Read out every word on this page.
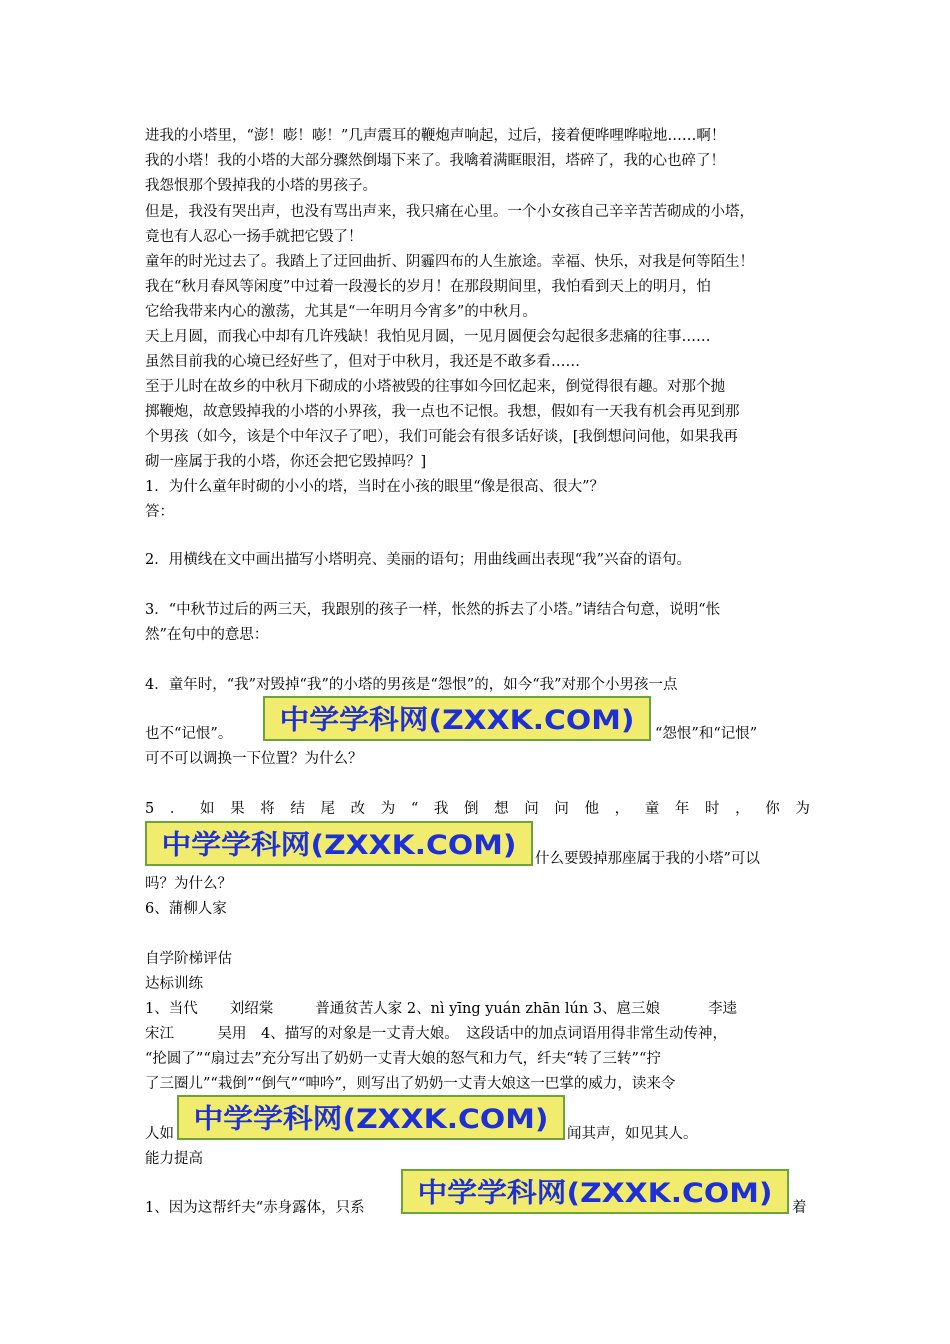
进我的小塔里，“澎！嘭！嘭！”几声震耳的鞭炮声响起，过后，接着便哗哩哗啦地……啊！
我的小塔！我的小塔的大部分骤然倒塌下来了。我噙着满眶眼泪，塔碎了，我的心也碎了！
我怨恨那个毁掉我的小塔的男孩子。
但是，我没有哭出声，也没有骂出声来，我只痛在心里。一个小女孩自己辛辛苦苦砌成的小塔，
竟也有人忍心一扬手就把它毁了！
童年的时光过去了。我踏上了迂回曲折、阴霾四布的人生旅途。幸福、快乐，对我是何等陌生！
我在“秋月春风等闲度”中过着一段漫长的岁月！在那段期间里，我怕看到天上的明月，怕
它给我带来内心的激荡，尤其是“一年明月今宵多”的中秋月。
天上月圆，而我心中却有几许残缺！我怕见月圆，一见月圆便会勾起很多悲痛的往事……
虽然目前我的心境已经好些了，但对于中秋月，我还是不敢多看……
至于儿时在故乡的中秋月下砌成的小塔被毁的往事如今回忆起来，倒觉得很有趣。对那个抛
掷鞭炮，故意毁掉我的小塔的小界孩，我一点也不记恨。我想，假如有一天我有机会再见到那
个男孩（如今，该是个中年汉子了吧），我们可能会有很多话好谈，[我倒想问问他，如果我再
砌一座属于我的小塔，你还会把它毁掉吗？]
1．为什么童年时砌的小小的塔，当时在小孩的眼里“像是很高、很大”？
答：
2．用横线在文中画出描写小塔明亮、美丽的语句；用曲线画出表现“我”兴奋的语句。
3．“中秋节过后的两三天，我跟别的孩子一样，怅然的拆去了小塔。”请结合句意，说明“怅
然”在句中的意思：
4．童年时，“我”对毁掉“我”的小塔的男孩是“怨恨”的，如今“我”对那个小男孩一点
也不“记恨”。 中学学科网(ZXXK.COM) “怨恨”和“记恨”
可不可以调换一下位置？为什么？
5 ． 如 果 将 结 尾 改 为 “ 我 倒 想 问 问 他 ， 童 年 时 ， 你 为
中学学科网(ZXXK.COM) 什么要毁掉那座属于我的小塔”可以
吗？为什么？
6、蒲柳人家
自学阶梯评估
达标训练
1、当代 刘绍棠	普通贫苦人家 2、nì yīng yuán zhān lún 3、扈三娘	李逵
宋江　　　吴用　4、描写的对象是一丈青大娘。　这段话中的加点词语用得非常生动传神，
“抡圆了”“扇过去”充分写出了奶奶一丈青大娘的怒气和力气，纤夫“转了三转”“拧
了三圈儿”“栽倒”“倒气”“呻吟”，则写出了奶奶一丈青大娘这一巴掌的威力，读来令
人如 中学学科网(ZXXK.COM) 闻其声，如见其人。
能力提高
1、因为这帮纤夫“赤身露体，只系 中学学科网(ZXXK.COM) 着
